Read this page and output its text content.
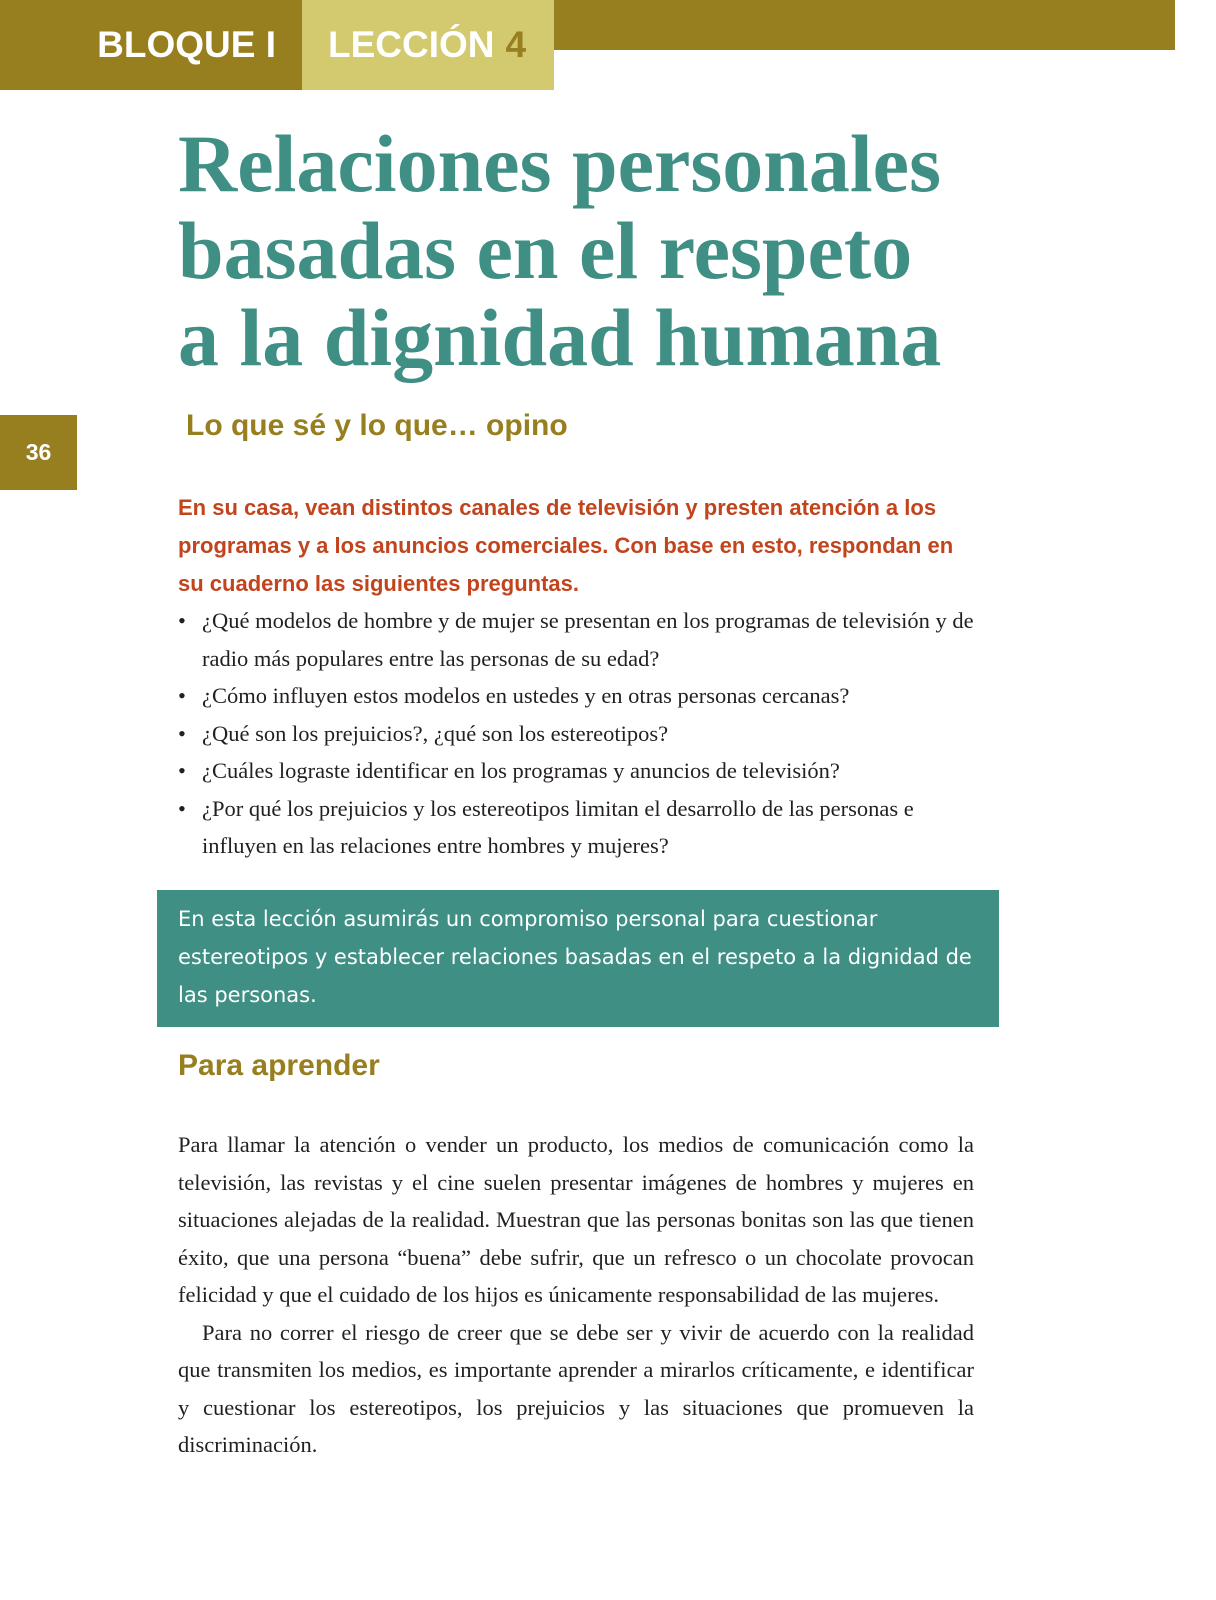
BLOQUE I	LECCIÓN 4
36
Relaciones personales
basadas en el respeto
a la dignidad humana
Lo que sé y lo que… opino

En su casa, vean distintos canales de televisión y presten atención a los programas y a los anuncios comerciales. Con base en esto, respondan en su cuaderno las siguientes preguntas.

• ¿Qué modelos de hombre y de mujer se presentan en los programas de televisión y de radio más populares entre las personas de su edad?
• ¿Cómo influyen estos modelos en ustedes y en otras personas cercanas?
• ¿Qué son los prejuicios?, ¿qué son los estereotipos?
• ¿Cuáles lograste identificar en los programas y anuncios de televisión?
• ¿Por qué los prejuicios y los estereotipos limitan el desarrollo de las personas e influyen en las relaciones entre hombres y mujeres?

En esta lección asumirás un compromiso personal para cuestionar estereotipos y establecer relaciones basadas en el respeto a la dignidad de las personas.

Para aprender

Para llamar la atención o vender un producto, los medios de comunicación como la televisión, las revistas y el cine suelen presentar imágenes de hombres y mujeres en situaciones alejadas de la realidad. Muestran que las personas bonitas son las que tienen éxito, que una persona “buena” debe sufrir, que un refresco o un chocolate provocan felicidad y que el cuidado de los hijos es únicamente responsabilidad de las mujeres.

Para no correr el riesgo de creer que se debe ser y vivir de acuerdo con la realidad que transmiten los medios, es importante aprender a mirarlos críticamente, e identificar y cuestionar los estereotipos, los prejuicios y las situaciones que promueven la discriminación.
